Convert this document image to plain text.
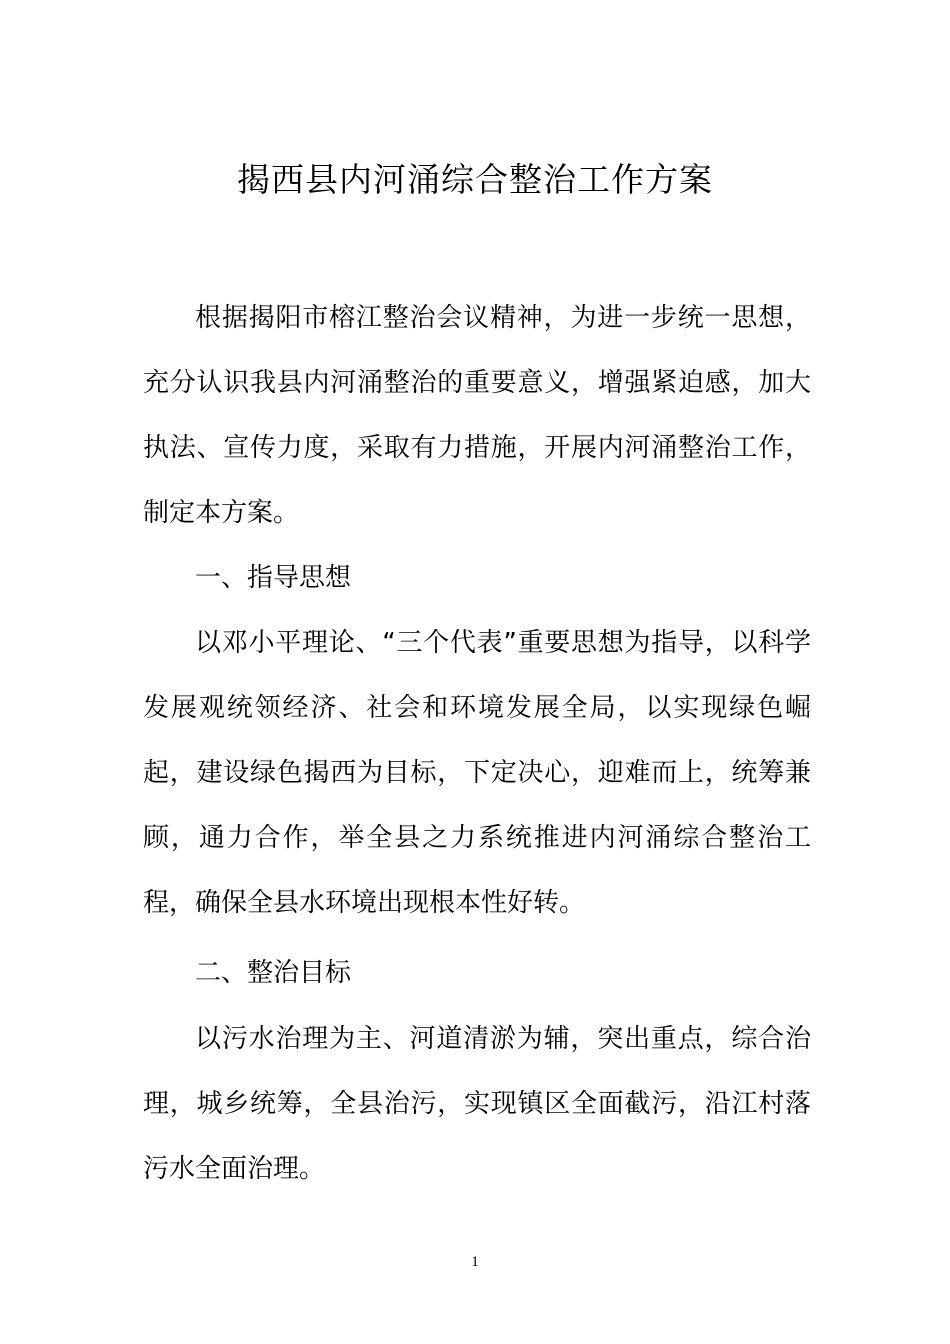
揭西县内河涌综合整治工作方案

根据揭阳市榕江整治会议精神，为进一步统一思想，充分认识我县内河涌整治的重要意义，增强紧迫感，加大执法、宣传力度，采取有力措施，开展内河涌整治工作，制定本方案。

一、指导思想

以邓小平理论、“三个代表”重要思想为指导，以科学发展观统领经济、社会和环境发展全局，以实现绿色崛起，建设绿色揭西为目标，下定决心，迎难而上，统筹兼顾，通力合作，举全县之力系统推进内河涌综合整治工程，确保全县水环境出现根本性好转。

二、整治目标

以污水治理为主、河道清淤为辅，突出重点，综合治理，城乡统筹，全县治污，实现镇区全面截污，沿江村落污水全面治理。

1
